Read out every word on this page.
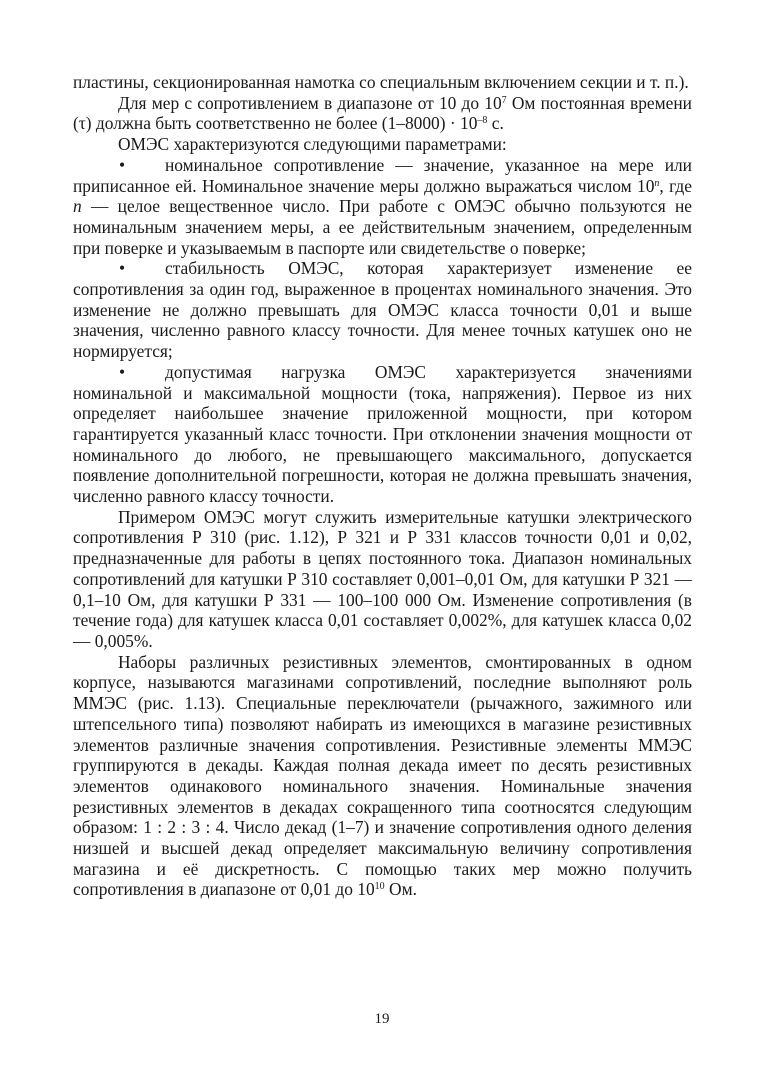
пластины, секционированная намотка со специальным включением секции и т. п.).

Для мер с сопротивлением в диапазоне от 10 до $10^7$ Ом постоянная времени (τ) должна быть соответственно не более $(1-8000) \cdot 10^{-8}$ с.

ОМЭС характеризуются следующими параметрами:

• номинальное сопротивление — значение, указанное на мере или приписанное ей. Номинальное значение меры должно выражаться числом 10$^n$, где n — целое вещественное число. При работе с ОМЭС обычно пользуются не номинальным значением меры, а ее действительным значением, определенным при поверке и указываемым в паспорте или свидетельстве о поверке;

• стабильность ОМЭС, которая характеризует изменение ее сопротивления за один год, выраженное в процентах номинального значения. Это изменение не должно превышать для ОМЭС класса точности 0,01 и выше значения, численно равного классу точности. Для менее точных катушек оно не нормируется;

• допустимая нагрузка ОМЭС характеризуется значениями номинальной и максимальной мощности (тока, напряжения). Первое из них определяет наибольшее значение приложенной мощности, при котором гарантируется указанный класс точности. При отклонении значения мощности от номинального до любого, не превышающего максимального, допускается появление дополнительной погрешности, которая не должна превышать значения, численно равного классу точности.

Примером ОМЭС могут служить измерительные катушки электрического сопротивления Р 310 (рис. 1.12), Р 321 и Р 331 классов точности 0,01 и 0,02, предназначенные для работы в цепях постоянного тока. Диапазон номинальных сопротивлений для катушки Р 310 составляет 0,001–0,01 Ом, для катушки Р 321 — 0,1–10 Ом, для катушки Р 331 — 100–100 000 Ом. Изменение сопротивления (в течение года) для катушек класса 0,01 составляет 0,002%, для катушек класса 0,02 — 0,005%.

Наборы различных резистивных элементов, смонтированных в одном корпусе, называются магазинами сопротивлений, последние выполняют роль ММЭС (рис. 1.13). Специальные переключатели (рычажного, зажимного или штепсельного типа) позволяют набирать из имеющихся в магазине резистивных элементов различные значения сопротивления. Резистивные элементы ММЭС группируются в декады. Каждая полная декада имеет по десять резистивных элементов одинакового номинального значения. Номинальные значения резистивных элементов в декадах сокращенного типа соотносятся следующим образом: 1 : 2 : 3 : 4. Число декад (1–7) и значение сопротивления одного деления низшей и высшей декад определяет максимальную величину сопротивления магазина и её дискретность. С помощью таких мер можно получить сопротивления в диапазоне от 0,01 до $10^{10}$ Ом.

19
